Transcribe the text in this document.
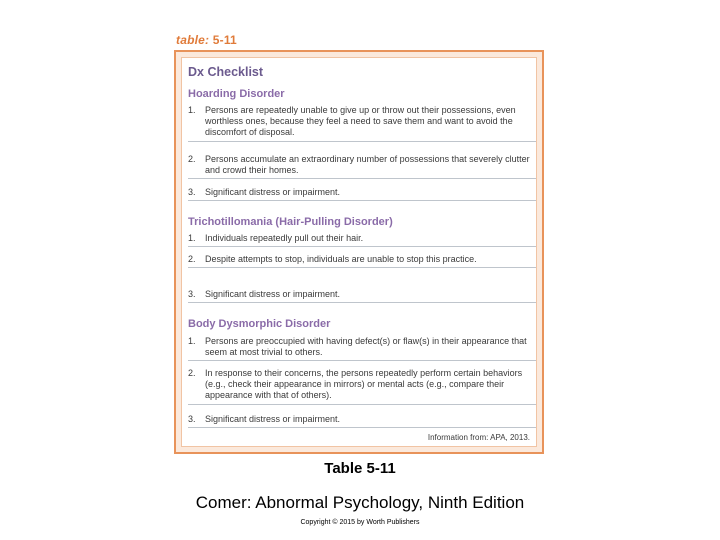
table: 5-11
Dx Checklist
Hoarding Disorder
1.	Persons are repeatedly unable to give up or throw out their possessions, even worthless ones, because they feel a need to save them and want to avoid the discomfort of disposal.
2.	Persons accumulate an extraordinary number of possessions that severely clutter and crowd their homes.
3.	Significant distress or impairment.
Trichotillomania (Hair-Pulling Disorder)
1.	Individuals repeatedly pull out their hair.
2.	Despite attempts to stop, individuals are unable to stop this practice.
3.	Significant distress or impairment.
Body Dysmorphic Disorder
1.	Persons are preoccupied with having defect(s) or flaw(s) in their appearance that seem at most trivial to others.
2.	In response to their concerns, the persons repeatedly perform certain behaviors (e.g., check their appearance in mirrors) or mental acts (e.g., compare their appearance with that of others).
3.	Significant distress or impairment.
Information from: APA, 2013.
Table 5-11
Comer: Abnormal Psychology, Ninth Edition
Copyright © 2015 by Worth Publishers
